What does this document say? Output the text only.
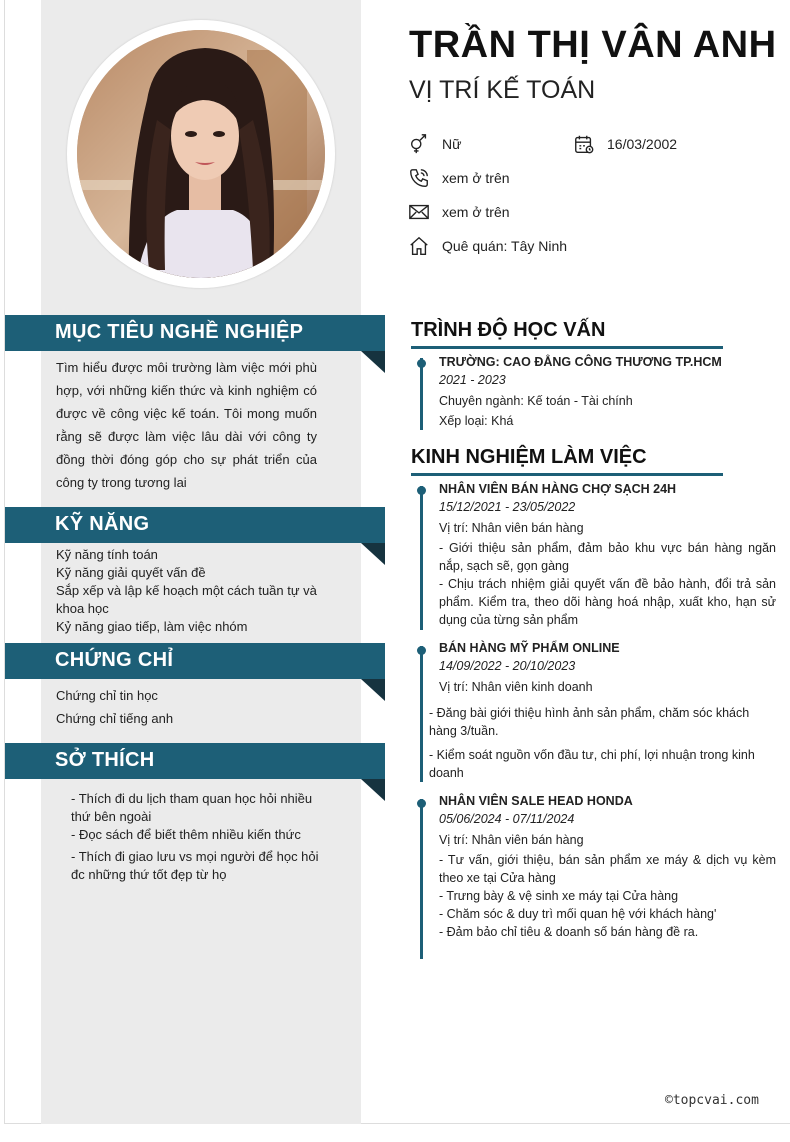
TRẦN THỊ VÂN ANH
VỊ TRÍ KẾ TOÁN
Nữ	16/03/2002
xem ở trên
xem ở trên
Quê quán: Tây Ninh
MỤC TIÊU NGHỀ NGHIỆP
Tìm hiểu được môi trường làm việc mới phù hợp, với những kiến thức và kinh nghiệm có được về công việc kế toán. Tôi mong muốn rằng sẽ được làm việc lâu dài với công ty đồng thời đóng góp cho sự phát triển của công ty trong tương lai
KỸ NĂNG
Kỹ năng tính toán
Kỹ năng giải quyết vấn đề
Sắp xếp và lập kế hoạch một cách tuần tự và khoa học
Kỷ năng giao tiếp, làm việc nhóm
CHỨNG CHỈ
Chứng chỉ tin học
Chứng chỉ tiếng anh
SỞ THÍCH
- Thích đi du lịch tham quan học hỏi nhiều thứ bên ngoài
- Đọc sách để biết thêm nhiều kiến thức
- Thích đi giao lưu vs mọi người để học hỏi đc những thứ tốt đẹp từ họ
TRÌNH ĐỘ HỌC VẤN
TRƯỜNG: CAO ĐẲNG CÔNG THƯƠNG TP.HCM
2021 - 2023
Chuyên ngành: Kế toán - Tài chính
Xếp loại: Khá
KINH NGHIỆM LÀM VIỆC
NHÂN VIÊN BÁN HÀNG CHỢ SẠCH 24H
15/12/2021 - 23/05/2022
Vị trí: Nhân viên bán hàng
- Giới thiệu sản phẩm, đảm bảo khu vực bán hàng ngăn nắp, sạch sẽ, gọn gàng
- Chịu trách nhiệm giải quyết vấn đề bảo hành, đổi trả sản phẩm. Kiểm tra, theo dõi hàng hoá nhập, xuất kho, hạn sử dụng của từng sản phẩm
BÁN HÀNG MỸ PHẨM ONLINE
14/09/2022 - 20/10/2023
Vị trí: Nhân viên kinh doanh
- Đăng bài giới thiệu hình ảnh sản phẩm, chăm sóc khách hàng 3/tuần.
- Kiểm soát nguồn vốn đầu tư, chi phí, lợi nhuận trong kinh doanh
NHÂN VIÊN SALE HEAD HONDA
05/06/2024 - 07/11/2024
Vị trí: Nhân viên bán hàng
- Tư vấn, giới thiệu, bán sản phẩm xe máy & dịch vụ kèm theo xe tại Cửa hàng
- Trưng bày & vệ sinh xe máy tại Cửa hàng
- Chăm sóc & duy trì mối quan hệ với khách hàng'
- Đảm bảo chỉ tiêu & doanh số bán hàng đề ra.
©topcvai.com
